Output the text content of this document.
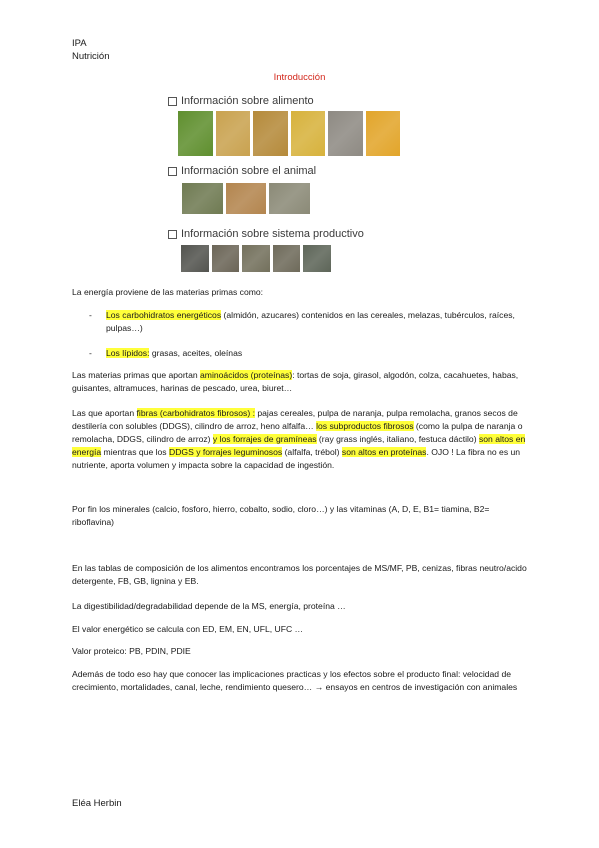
IPA
Nutrición
Introducción
Información sobre alimento
Información sobre el animal
Información sobre sistema productivo
La energía proviene de las materias primas como:
- Los carbohidratos energéticos (almidón, azucares) contenidos en las cereales, melazas, tubérculos, raíces, pulpas…)
- Los lípidos: grasas, aceites, oleínas
Las materias primas que aportan aminoácidos (proteínas): tortas de soja, girasol, algodón, colza, cacahuetes, habas, guisantes, altramuces, harinas de pescado, urea, biuret…
Las que aportan fibras (carbohidratos fibrosos) : pajas cereales, pulpa de naranja, pulpa remolacha, granos secos de destilería con solubles (DDGS), cilindro de arroz, heno alfalfa… los subproductos fibrosos (como la pulpa de naranja o remolacha, DDGS, cilindro de arroz) y los forrajes de gramíneas (ray grass inglés, italiano, festuca dáctilo) son altos en energía mientras que los DDGS y forrajes leguminosos (alfalfa, trébol) son altos en proteínas. OJO ! La fibra no es un nutriente, aporta volumen y impacta sobre la capacidad de ingestión.
Por fin los minerales (calcio, fosforo, hierro, cobalto, sodio, cloro…) y las vitaminas (A, D, E, B1= tiamina, B2= riboflavina)
En las tablas de composición de los alimentos encontramos los porcentajes de MS/MF, PB, cenizas, fibras neutro/acido detergente, FB, GB, lignina y EB.
La digestibilidad/degradabilidad depende de la MS, energía, proteína …
El valor energético se calcula con ED, EM, EN, UFL, UFC …
Valor proteico: PB, PDIN, PDIE
Además de todo eso hay que conocer las implicaciones practicas y los efectos sobre el producto final: velocidad de crecimiento, mortalidades, canal, leche, rendimiento quesero… → ensayos en centros de investigación con animales
Eléa Herbin
